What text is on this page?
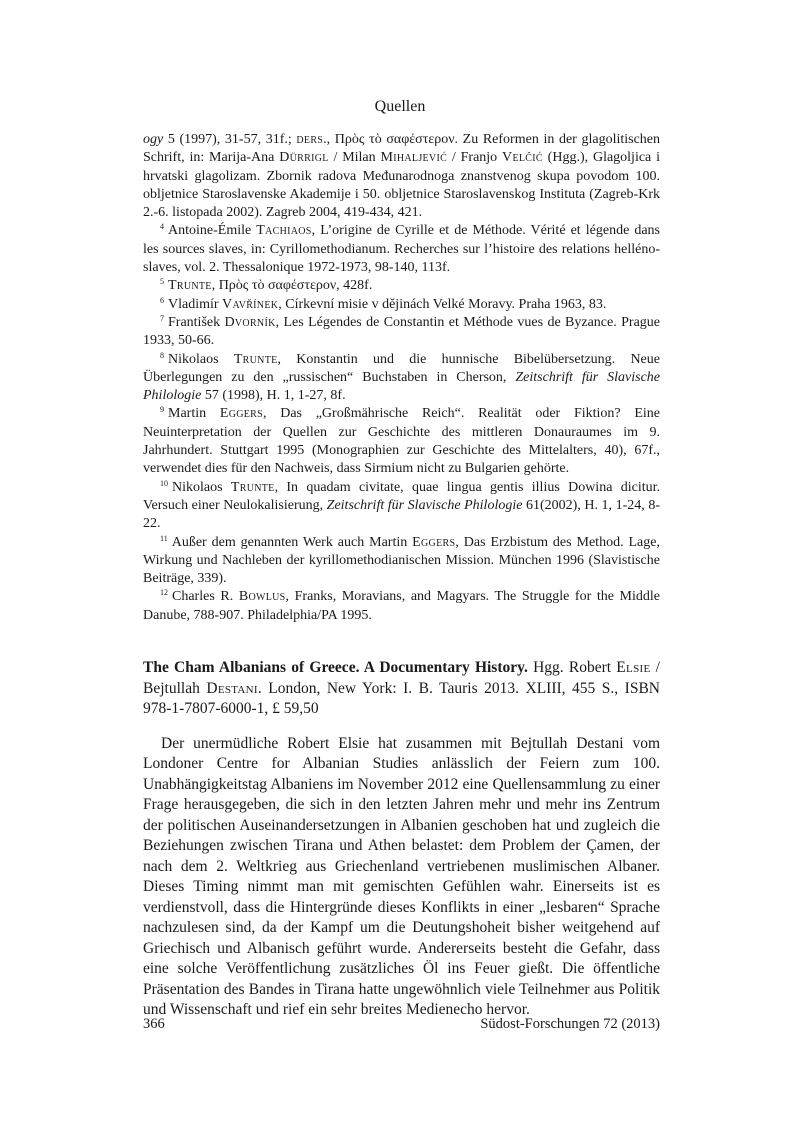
Quellen

ogy 5 (1997), 31-57, 31f.; ders., Πρὸς τὸ σαφέστερον. Zu Reformen in der glagolitischen Schrift, in: Marija-Ana Dürrigl / Milan Mihaljević / Franjo Velčić (Hgg.), Glagoljica i hrvatski glagolizam. Zbornik radova Međunarodnoga znanstvenog skupa povodom 100. obljetnice Staroslavenske Akademije i 50. obljetnice Staroslavenskog Instituta (Zagreb-Krk 2.-6. listopada 2002). Zagreb 2004, 419-434, 421.

$^4$ Antoine-Émile Tachiaos, L’origine de Cyrille et de Méthode. Vérité et légende dans les sources slaves, in: Cyrillomethodianum. Recherches sur l’histoire des relations helléno-slaves, vol. 2. Thessalonique 1972-1973, 98-140, 113f.

$^5$ Trunte, Πρὸς τὸ σαφέστερον, 428f.

$^6$ Vladimír Vavřínek, Církevní misie v dějinách Velké Moravy. Praha 1963, 83.

$^7$ František Dvorník, Les Légendes de Constantin et Méthode vues de Byzance. Prague 1933, 50-66.

$^8$ Nikolaos Trunte, Konstantin und die hunnische Bibelübersetzung. Neue Überlegungen zu den „russischen“ Buchstaben in Cherson, Zeitschrift für Slavische Philologie 57 (1998), H. 1, 1-27, 8f.

$^9$ Martin Eggers, Das „Großmährische Reich“. Realität oder Fiktion? Eine Neuinterpretation der Quellen zur Geschichte des mittleren Donauraumes im 9. Jahrhundert. Stuttgart 1995 (Monographien zur Geschichte des Mittelalters, 40), 67f., verwendet dies für den Nachweis, dass Sirmium nicht zu Bulgarien gehörte.

$^{10}$ Nikolaos Trunte, In quadam civitate, quae lingua gentis illius Dowina dicitur. Versuch einer Neulokalisierung, Zeitschrift für Slavische Philologie 61(2002), H. 1, 1-24, 8-22.

$^{11}$ Außer dem genannten Werk auch Martin Eggers, Das Erzbistum des Method. Lage, Wirkung und Nachleben der kyrillomethodianischen Mission. München 1996 (Slavistische Beiträge, 339).

$^{12}$ Charles R. Bowlus, Franks, Moravians, and Magyars. The Struggle for the Middle Danube, 788-907. Philadelphia/PA 1995.

The Cham Albanians of Greece. A Documentary History. Hgg. Robert Elsie / Bejtullah Destani. London, New York: I. B. Tauris 2013. XLIII, 455 S., ISBN 978-1-7807-6000-1, £ 59,50

Der unermüdliche Robert Elsie hat zusammen mit Bejtullah Destani vom Londoner Centre for Albanian Studies anlässlich der Feiern zum 100. Unabhängigkeitstag Albaniens im November 2012 eine Quellensammlung zu einer Frage herausgegeben, die sich in den letzten Jahren mehr und mehr ins Zentrum der politischen Auseinandersetzungen in Albanien geschoben hat und zugleich die Beziehungen zwischen Tirana und Athen belastet: dem Problem der Çamen, der nach dem 2. Weltkrieg aus Griechenland vertriebenen muslimischen Albaner. Dieses Timing nimmt man mit gemischten Gefühlen wahr. Einerseits ist es verdienstvoll, dass die Hintergründe dieses Konflikts in einer „lesbaren“ Sprache nachzulesen sind, da der Kampf um die Deutungshoheit bisher weitgehend auf Griechisch und Albanisch geführt wurde. Andererseits besteht die Gefahr, dass eine solche Veröffentlichung zusätzliches Öl ins Feuer gießt. Die öffentliche Präsentation des Bandes in Tirana hatte ungewöhnlich viele Teilnehmer aus Politik und Wissenschaft und rief ein sehr breites Medienecho hervor.

366	Südost-Forschungen 72 (2013)
